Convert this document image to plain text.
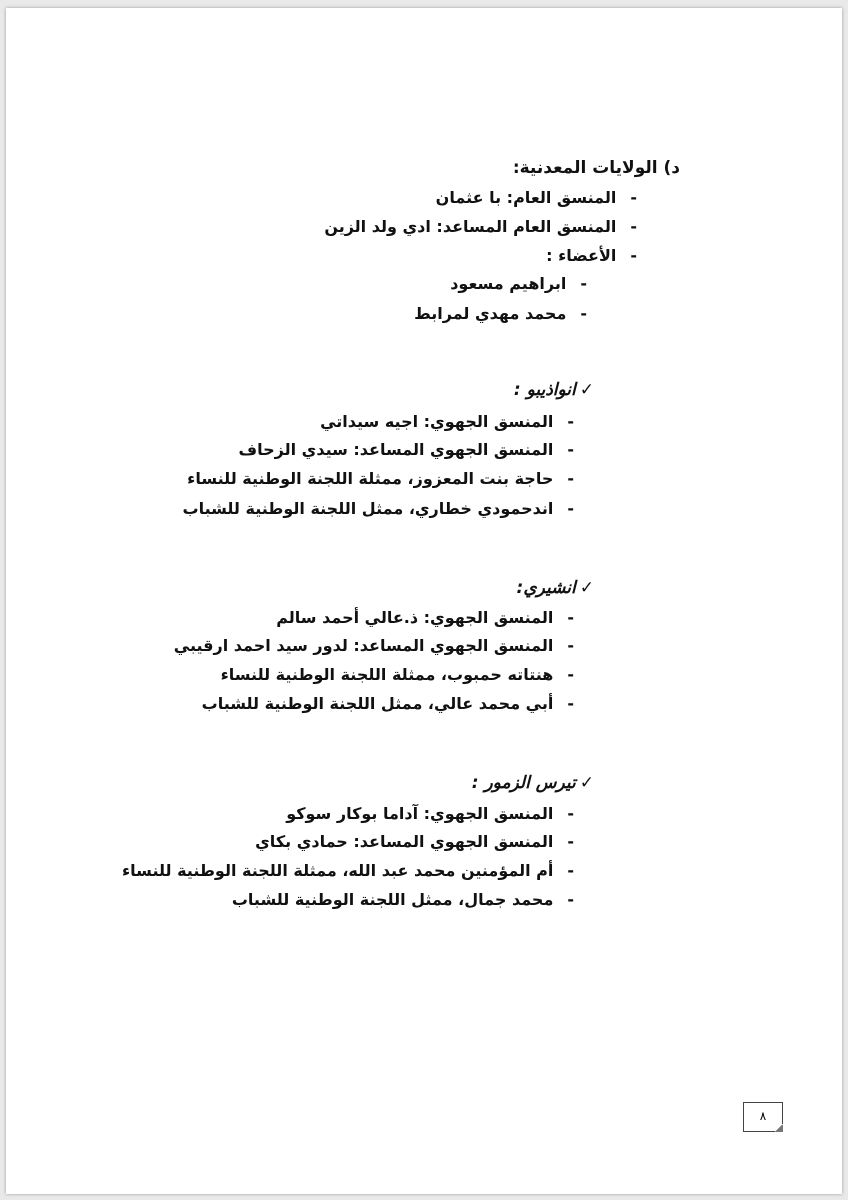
د) الولايات المعدنية:
-المنسق العام: با عثمان
-المنسق العام المساعد: ادي ولد الزين
-الأعضاء :
-ابراهيم مسعود
-محمد مهدي لمرابط
✓انواذيبو :
-المنسق الجهوي: اجيه سيداتي
-المنسق الجهوي المساعد: سيدي الزحاف
-حاجة بنت المعزوز، ممثلة اللجنة الوطنية للنساء
-اندحمودي خطاري، ممثل اللجنة الوطنية للشباب
✓انشيري:
-المنسق الجهوي: ذ.عالي أحمد سالم
-المنسق الجهوي المساعد: لدور سيد احمد ارقيبي
-هنتاته حمبوب، ممثلة اللجنة الوطنية للنساء
-أبي محمد عالي، ممثل اللجنة الوطنية للشباب
✓تيرس الزمور :
-المنسق الجهوي: آداما بوكار سوكو
-المنسق الجهوي المساعد: حمادي بكاي
-أم المؤمنين محمد عبد الله، ممثلة اللجنة الوطنية للنساء
-محمد جمال، ممثل اللجنة الوطنية للشباب
٨
